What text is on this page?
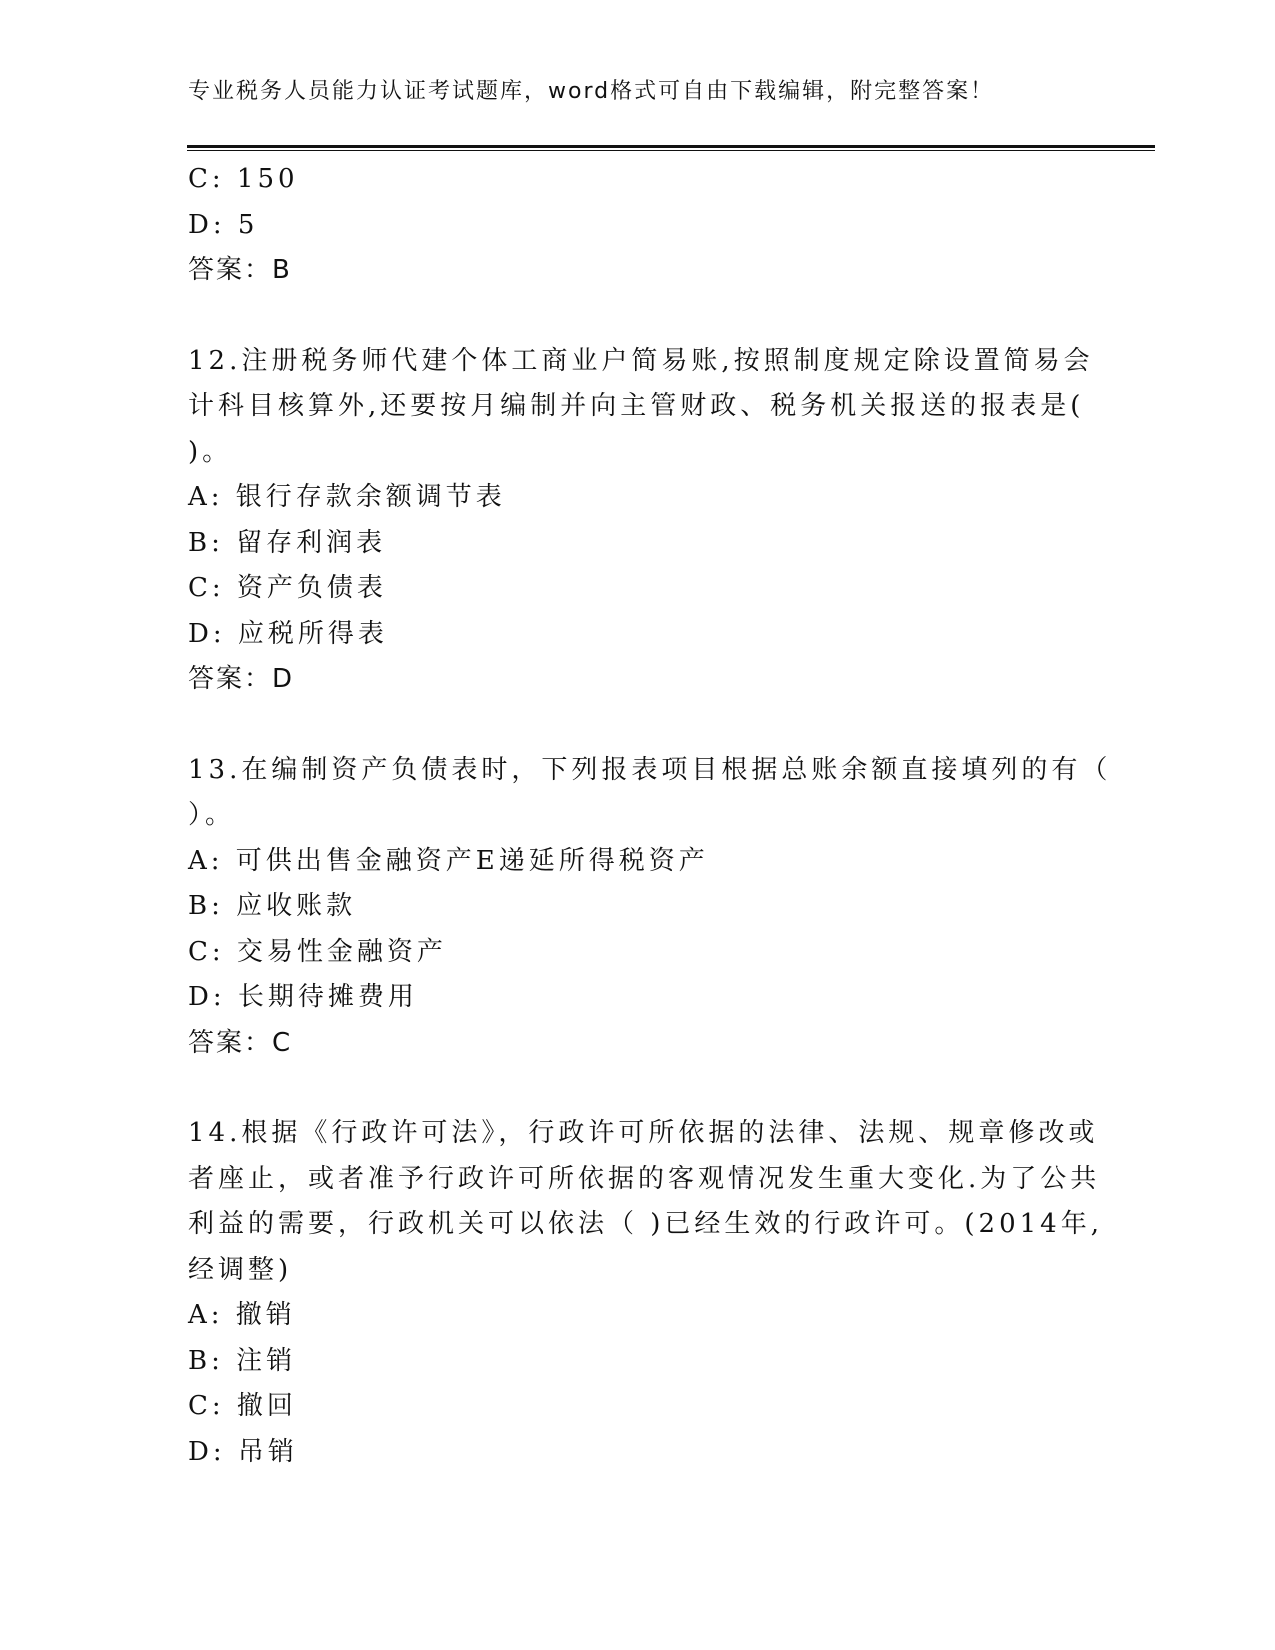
专业税务人员能力认证考试题库，word格式可自由下载编辑，附完整答案！
C: 150
D: 5
答案：B
12.注册税务师代建个体工商业户简易账,按照制度规定除设置简易会
计科目核算外,还要按月编制并向主管财政、税务机关报送的报表是(
)。
A: 银行存款余额调节表
B: 留存利润表
C: 资产负债表
D: 应税所得表
答案：D
13.在编制资产负债表时，下列报表项目根据总账余额直接填列的有（
）。
A: 可供出售金融资产E递延所得税资产
B: 应收账款
C: 交易性金融资产
D: 长期待摊费用
答案：C
14.根据《行政许可法》，行政许可所依据的法律、法规、规章修改或
者座止，或者准予行政许可所依据的客观情况发生重大变化.为了公共
利益的需要，行政机关可以依法（ )已经生效的行政许可。(2014年,
经调整)
A: 撤销
B: 注销
C: 撤回
D: 吊销
